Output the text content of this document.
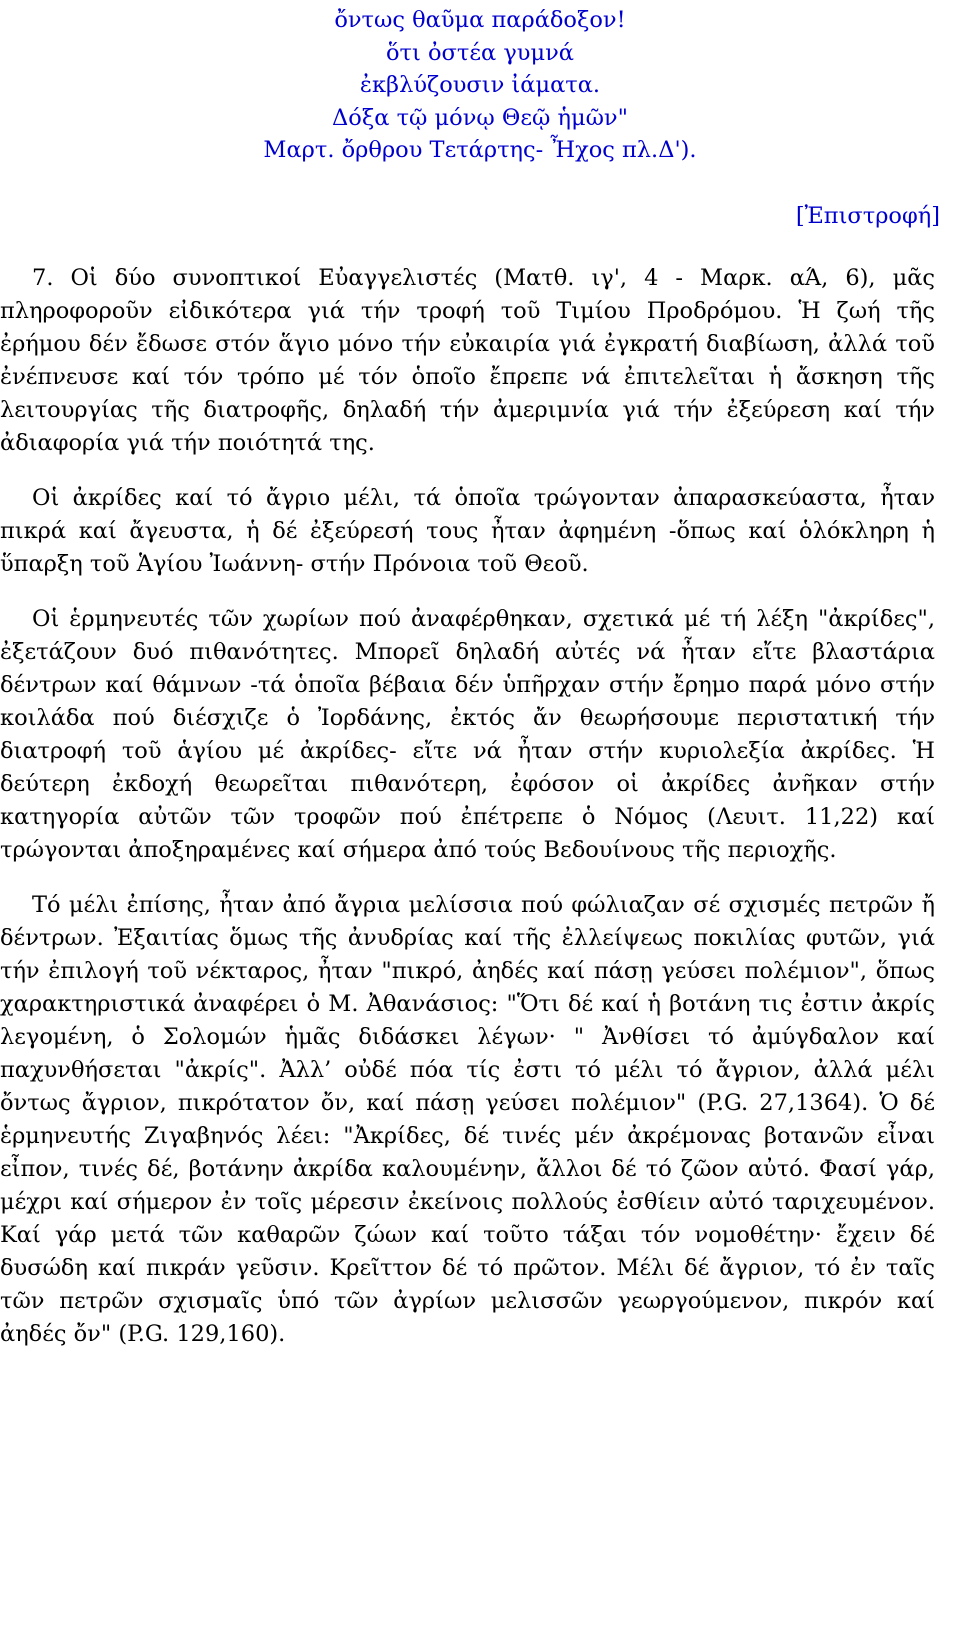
ὄντως θαῦμα παράδοξον!
ὅτι ὀστέα γυμνά
ἐκβλύζουσιν ἰάματα.
Δόξα τῷ μόνῳ Θεῷ ἡμῶν"
Μαρτ. ὄρθρου Τετάρτης- Ἦχος πλ.Δ').
[Ἐπιστροφή]

7. Οἱ δύο συνοπτικοί Εὐαγγελιστές (Ματθ. ιγ', 4 - Μαρκ. αΆ, 6), μᾶς πληροφοροῦν εἰδικότερα γιά τήν τροφή τοῦ Τιμίου Προδρόμου. Ἡ ζωή τῆς ἐρήμου δέν ἔδωσε στόν ἅγιο μόνο τήν εὐκαιρία γιά ἐγκρατή διαβίωση, ἀλλά τοῦ ἐνέπνευσε καί τόν τρόπο μέ τόν ὁποῖο ἔπρεπε νά ἐπιτελεῖται ἡ ἄσκηση τῆς λειτουργίας τῆς διατροφῆς, δηλαδή τήν ἀμεριμνία γιά τήν ἐξεύρεση καί τήν ἀδιαφορία γιά τήν ποιότητά της.

Οἱ ἀκρίδες καί τό ἄγριο μέλι, τά ὁποῖα τρώγονταν ἀπαρασκεύαστα, ἦταν πικρά καί ἄγευστα, ἡ δέ ἐξεύρεσή τους ἦταν ἀφημένη -ὅπως καί ὁλόκληρη ἡ ὕπαρξη τοῦ Ἁγίου Ἰωάννη- στήν Πρόνοια τοῦ Θεοῦ.

Οἱ ἑρμηνευτές τῶν χωρίων πού ἀναφέρθηκαν, σχετικά μέ τή λέξη "ἀκρίδες", ἐξετάζουν δυό πιθανότητες. Μπορεῖ δηλαδή αὐτές νά ἦταν εἴτε βλαστάρια δέντρων καί θάμνων -τά ὁποῖα βέβαια δέν ὑπῆρχαν στήν ἔρημο παρά μόνο στήν κοιλάδα πού διέσχιζε ὁ Ἰορδάνης, ἐκτός ἄν θεωρήσουμε περιστατική τήν διατροφή τοῦ ἁγίου μέ ἀκρίδες- εἴτε νά ἦταν στήν κυριολεξία ἀκρίδες. Ἡ δεύτερη ἐκδοχή θεωρεῖται πιθανότερη, ἐφόσον οἱ ἀκρίδες ἀνῆκαν στήν κατηγορία αὐτῶν τῶν τροφῶν πού ἐπέτρεπε ὁ Νόμος (Λευιτ. 11,22) καί τρώγονται ἀποξηραμένες καί σήμερα ἀπό τούς Βεδουίνους τῆς περιοχῆς.

Τό μέλι ἐπίσης, ἦταν ἀπό ἄγρια μελίσσια πού φώλιαζαν σέ σχισμές πετρῶν ἤ δέντρων. Ἐξαιτίας ὅμως τῆς ἀνυδρίας καί τῆς ἐλλείψεως ποκιλίας φυτῶν, γιά τήν ἐπιλογή τοῦ νέκταρος, ἦταν "πικρό, ἀηδές καί πάσῃ γεύσει πολέμιον", ὅπως χαρακτηριστικά ἀναφέρει ὁ Μ. Ἀθανάσιος: "Ὅτι δέ καί ἡ βοτάνη τις ἐστιν ἀκρίς λεγομένη, ὁ Σολομών ἡμᾶς διδάσκει λέγων· " Ἀνθίσει τό ἀμύγδαλον καί παχυνθήσεται "ἀκρίς". Ἀλλ’ οὐδέ πόα τίς ἐστι τό μέλι τό ἄγριον, ἀλλά μέλι ὄντως ἄγριον, πικρότατον ὄν, καί πάσῃ γεύσει πολέμιον" (P.G. 27,1364). Ὁ δέ ἑρμηνευτής Ζιγαβηνός λέει: "Ἀκρίδες, δέ τινές μέν ἀκρέμονας βοτανῶν εἶναι εἶπον, τινές δέ, βοτάνην ἀκρίδα καλουμένην, ἄλλοι δέ τό ζῶον αὐτό. Φασί γάρ, μέχρι καί σήμερον ἐν τοῖς μέρεσιν ἐκείνοις πολλούς ἐσθίειν αὐτό ταριχευμένον. Καί γάρ μετά τῶν καθαρῶν ζώων καί τοῦτο τάξαι τόν νομοθέτην· ἔχειν δέ δυσώδη καί πικράν γεῦσιν. Κρεῖττον δέ τό πρῶτον. Μέλι δέ ἄγριον, τό ἐν ταῖς τῶν πετρῶν σχισμαῖς ὑπό τῶν ἀγρίων μελισσῶν γεωργούμενον, πικρόν καί ἀηδές ὄν" (P.G. 129,160).
